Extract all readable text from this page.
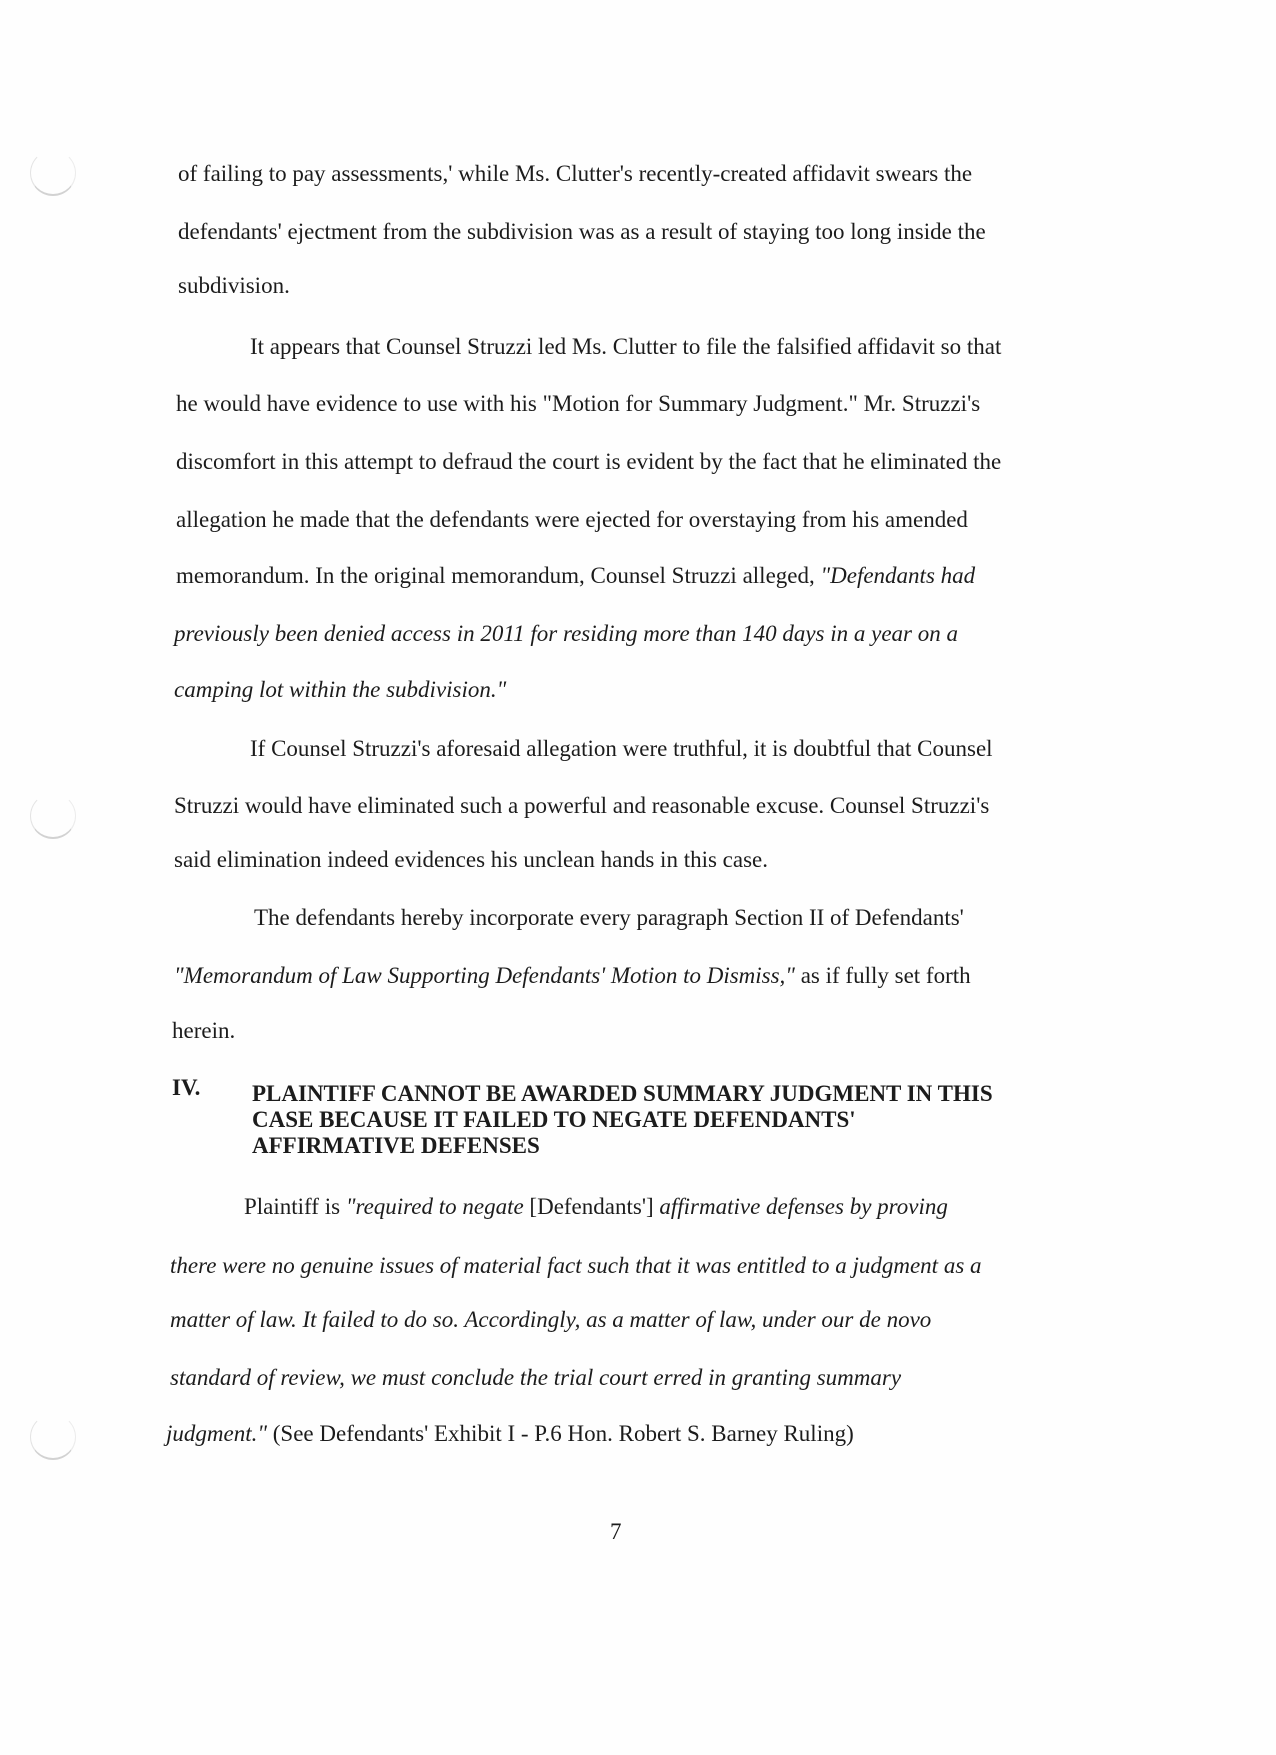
of failing to pay assessments,' while Ms. Clutter's recently-created affidavit swears the
defendants' ejectment from the subdivision was as a result of staying too long inside the
subdivision.
It appears that Counsel Struzzi led Ms. Clutter to file the falsified affidavit so that
he would have evidence to use with his "Motion for Summary Judgment." Mr. Struzzi's
discomfort in this attempt to defraud the court is evident by the fact that he eliminated the
allegation he made that the defendants were ejected for overstaying from his amended
memorandum. In the original memorandum, Counsel Struzzi alleged, "Defendants had
previously been denied access in 2011 for residing more than 140 days in a year on a
camping lot within the subdivision."
If Counsel Struzzi's aforesaid allegation were truthful, it is doubtful that Counsel
Struzzi would have eliminated such a powerful and reasonable excuse. Counsel Struzzi's
said elimination indeed evidences his unclean hands in this case.
The defendants hereby incorporate every paragraph Section II of Defendants'
"Memorandum of Law Supporting Defendants' Motion to Dismiss," as if fully set forth
herein.
IV. PLAINTIFF CANNOT BE AWARDED SUMMARY JUDGMENT IN THIS
CASE BECAUSE IT FAILED TO NEGATE DEFENDANTS'
AFFIRMATIVE DEFENSES
Plaintiff is "required to negate [Defendants'] affirmative defenses by proving
there were no genuine issues of material fact such that it was entitled to a judgment as a
matter of law. It failed to do so. Accordingly, as a matter of law, under our de novo
standard of review, we must conclude the trial court erred in granting summary
judgment." (See Defendants' Exhibit I - P.6 Hon. Robert S. Barney Ruling)
7
